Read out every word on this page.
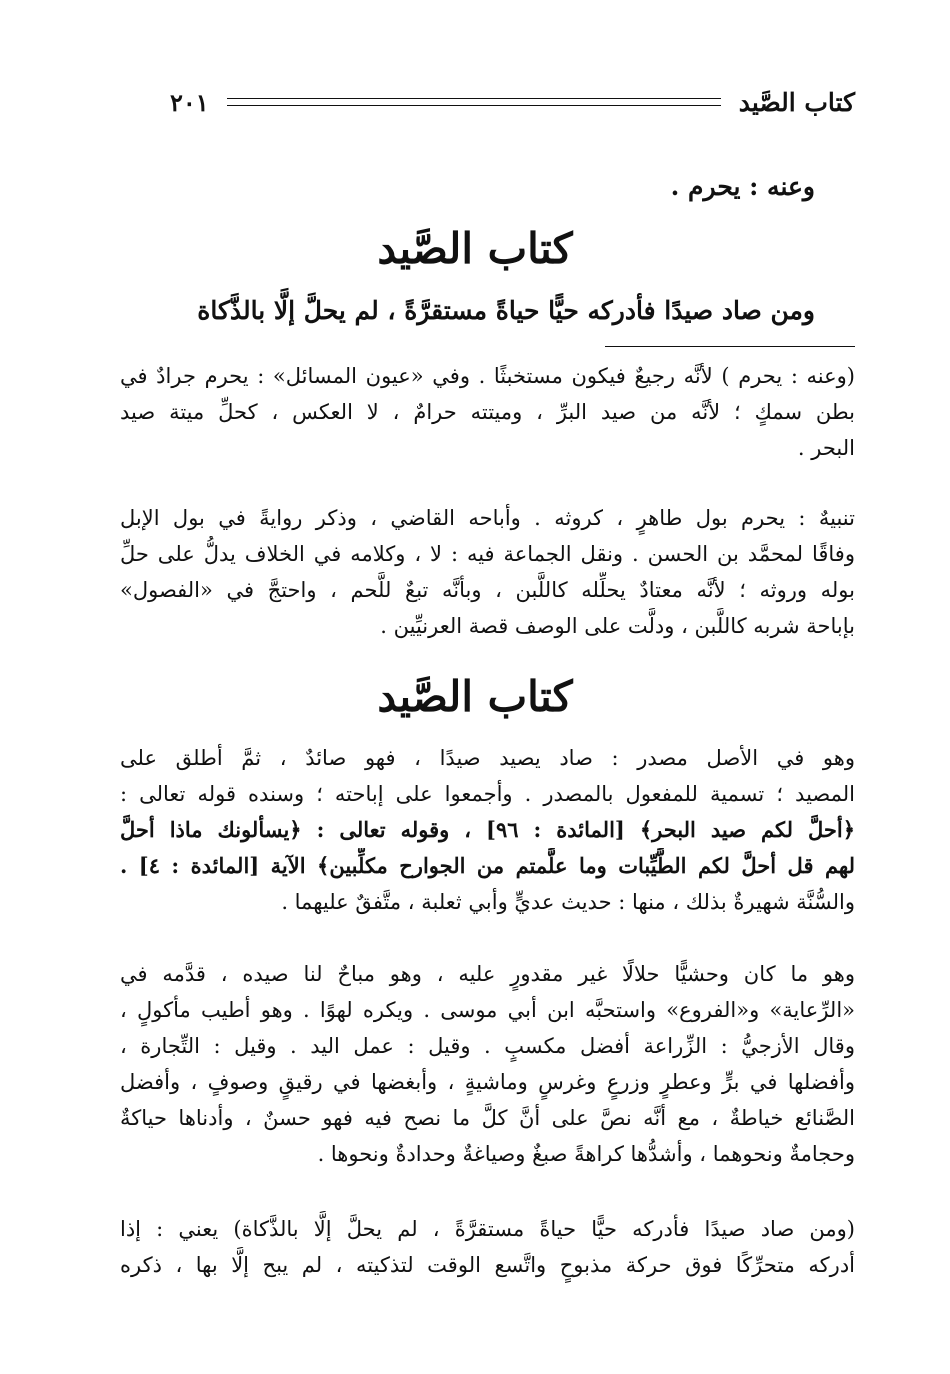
كتاب الصَّيد
٢٠١
وعنه : يحرم .
كتاب الصَّيد
ومن صاد صيدًا فأدركه حيًّا حياةً مستقرَّةً ، لم يحلَّ إلَّا بالذَّكاة

(وعنه : يحرم ) لأنَّه رجيعٌ فيكون مستخبثًا . وفي «عيون المسائل» : يحرم جرادٌ في

بطن سمكٍ ؛ لأنَّه من صيد البرِّ ، وميتته حرامٌ ، لا العكس ، كحلِّ ميتة صيد

البحر .

تنبيهٌ : يحرم بول طاهرٍ ، كروثه . وأباحه القاضي ، وذكر روايةً في بول الإبل

وفاقًا لمحمَّد بن الحسن . ونقل الجماعة فيه : لا ، وكلامه في الخلاف يدلُّ على حلِّ

بوله وروثه ؛ لأنَّه معتادٌ يحلِّله كاللَّبن ، وبأنَّه تبعٌ للَّحم ، واحتجَّ في «الفصول»

بإباحة شربه كاللَّبن ، ودلَّت على الوصف قصة العرنيِّين .

كتاب الصَّيد

وهو في الأصل مصدر : صاد يصيد صيدًا ، فهو صائدٌ ، ثمَّ أطلق على

المصيد ؛ تسمية للمفعول بالمصدر . وأجمعوا على إباحته ؛ وسنده قوله تعالى :

﴿أحلَّ لكم صيد البحر﴾ [المائدة : ٩٦] ، وقوله تعالى : ﴿يسألونك ماذا أحلَّ

لهم قل أحلَّ لكم الطَّيِّبات وما علَّمتم من الجوارح مكلِّبين﴾ الآية [المائدة : ٤] .

والسُّنَّة شهيرةٌ بذلك ، منها : حديث عديٍّ وأبي ثعلبة ، متَّفقٌ عليهما .

وهو ما كان وحشيًّا حلالًا غير مقدورٍ عليه ، وهو مباحٌ لنا صيده ، قدَّمه في

«الرِّعاية» و«الفروع» واستحبَّه ابن أبي موسى . ويكره لهوًا . وهو أطيب مأكولٍ ،

وقال الأزجيُّ : الزِّراعة أفضل مكسبٍ . وقيل : عمل اليد . وقيل : التِّجارة ،

وأفضلها في برٍّ وعطرٍ وزرعٍ وغرسٍ وماشيةٍ ، وأبغضها في رقيقٍ وصوفٍ ، وأفضل

الصَّنائع خياطةٌ ، مع أنَّه نصَّ على أنَّ كلَّ ما نصح فيه فهو حسنٌ ، وأدناها حياكةٌ

وحجامةٌ ونحوهما ، وأشدُّها كراهةً صبغٌ وصياغةٌ وحدادةٌ ونحوها .

(ومن صاد صيدًا فأدركه حيًّا حياةً مستقرَّةً ، لم يحلَّ إلَّا بالذَّكاة) يعني : إذا

أدركه متحرِّكًا فوق حركة مذبوحٍ واتَّسع الوقت لتذكيته ، لم يبح إلَّا بها ، ذكره
